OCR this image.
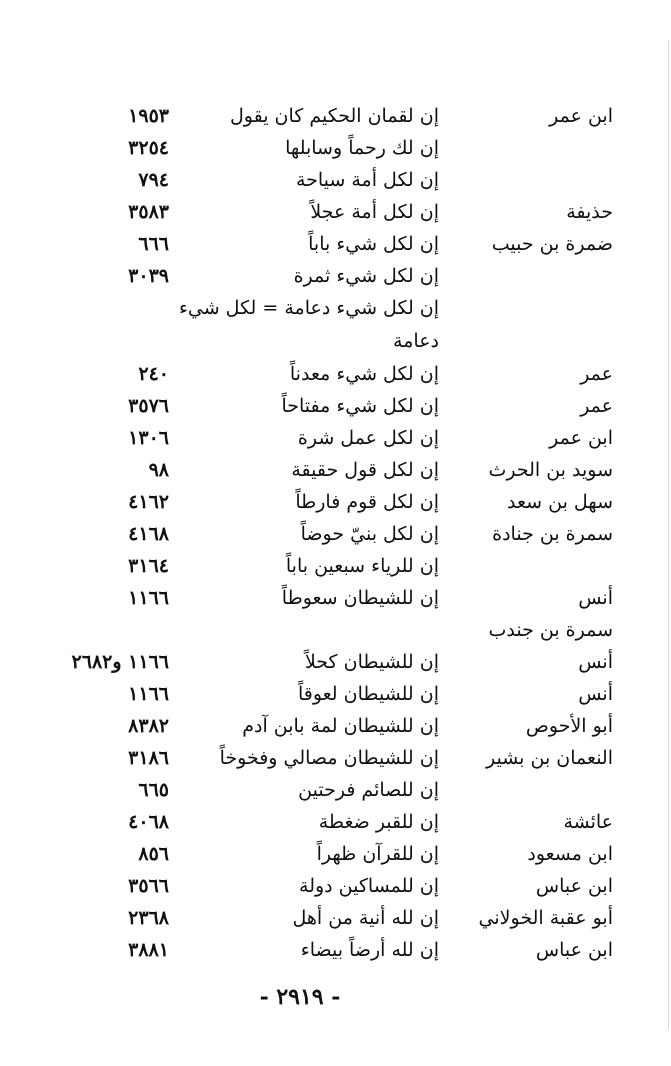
ابن عمر
إن لقمان الحكيم كان يقول
١٩٥٣
إن لك رحماً وسابلها
٣٢٥٤
إن لكل أمة سياحة
٧٩٤
حذيفة
إن لكل أمة عجلاً
٣٥٨٣
ضمرة بن حبيب
إن لكل شيء باباً
٦٦٦
إن لكل شيء ثمرة
٣٠٣٩
إن لكل شيء دعامة = لكل شيء دعامة
عمر
إن لكل شيء معدناً
٢٤٠
عمر
إن لكل شيء مفتاحاً
٣٥٧٦
ابن عمر
إن لكل عمل شرة
١٣٠٦
سويد بن الحرث
إن لكل قول حقيقة
٩٨
سهل بن سعد
إن لكل قوم فارطاً
٤١٦٢
سمرة بن جنادة
إن لكل بنيّ حوضاً
٤١٦٨
إن للرياء سبعين باباً
٣١٦٤
أنس
إن للشيطان سعوطاً
١١٦٦
سمرة بن جندب
أنس
إن للشيطان كحلاً
١١٦٦ و٢٦٨٢
أنس
إن للشيطان لعوقاً
١١٦٦
أبو الأحوص
إن للشيطان لمة بابن آدم
٨٣٨٢
النعمان بن بشير
إن للشيطان مصالي وفخوخاً
٣١٨٦
إن للصائم فرحتين
٦٦٥
عائشة
إن للقبر ضغطة
٤٠٦٨
ابن مسعود
إن للقرآن ظهراً
٨٥٦
ابن عباس
إن للمساكين دولة
٣٥٦٦
أبو عقبة الخولاني
إن لله أنية من أهل
٢٣٦٨
ابن عباس
إن لله أرضاً بيضاء
٣٨٨١
- ٢٩١٩ -
